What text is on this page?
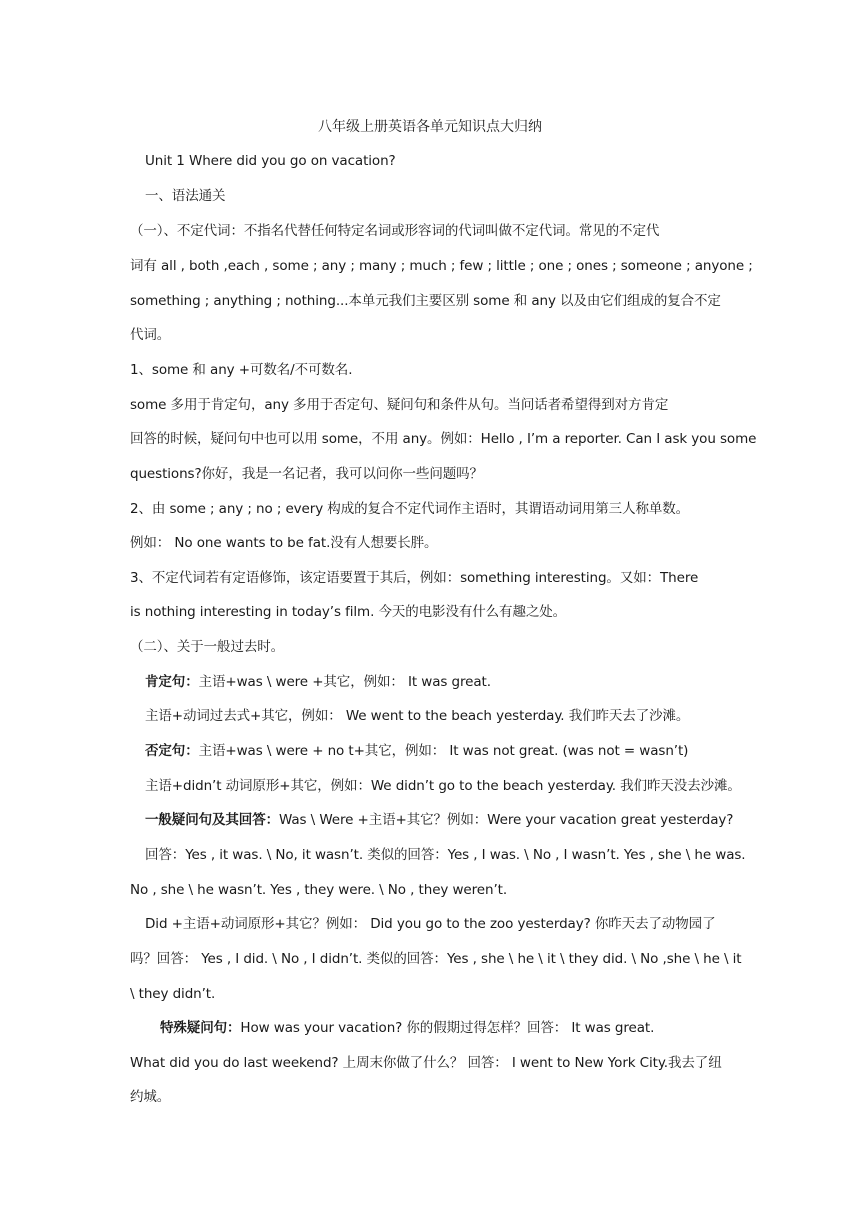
八年级上册英语各单元知识点大归纳
Unit 1 Where did you go on vacation?
一、语法通关
（一）、不定代词：不指名代替任何特定名词或形容词的代词叫做不定代词。常见的不定代
词有 all , both ,each , some ; any ; many ; much ; few ; little ; one ; ones ; someone ; anyone ;
something ; anything ; nothing...本单元我们主要区别 some 和 any 以及由它们组成的复合不定
代词。
1、some 和 any +可数名/不可数名.
some 多用于肯定句，any 多用于否定句、疑问句和条件从句。当问话者希望得到对方肯定
回答的时候，疑问句中也可以用 some，不用 any。例如：Hello , I’m a reporter. Can I ask you some
questions?你好，我是一名记者，我可以问你一些问题吗？
2、由 some ; any ; no ; every 构成的复合不定代词作主语时，其谓语动词用第三人称单数。
例如： No one wants to be fat.没有人想要长胖。
3、不定代词若有定语修饰，该定语要置于其后，例如：something interesting。又如：There
is nothing interesting in today’s film. 今天的电影没有什么有趣之处。
（二）、关于一般过去时。
肯定句：主语+was \ were +其它，例如： It was great.
主语+动词过去式+其它，例如： We went to the beach yesterday. 我们昨天去了沙滩。
否定句：主语+was \ were + no t+其它，例如： It was not great. (was not = wasn’t)
主语+didn’t 动词原形+其它，例如：We didn’t go to the beach yesterday. 我们昨天没去沙滩。
一般疑问句及其回答：Was \ Were +主语+其它？例如：Were your vacation great yesterday?
回答：Yes , it was. \ No, it wasn’t. 类似的回答：Yes , I was. \ No , I wasn’t. Yes , she \ he was.
No , she \ he wasn’t. Yes , they were. \ No , they weren’t.
Did +主语+动词原形+其它？例如： Did you go to the zoo yesterday? 你昨天去了动物园了
吗？回答： Yes , I did. \ No , I didn’t. 类似的回答：Yes , she \ he \ it \ they did. \ No ,she \ he \ it
\ they didn’t.
特殊疑问句：How was your vacation? 你的假期过得怎样？回答： It was great.
What did you do last weekend? 上周末你做了什么？ 回答： I went to New York City.我去了纽
约城。
